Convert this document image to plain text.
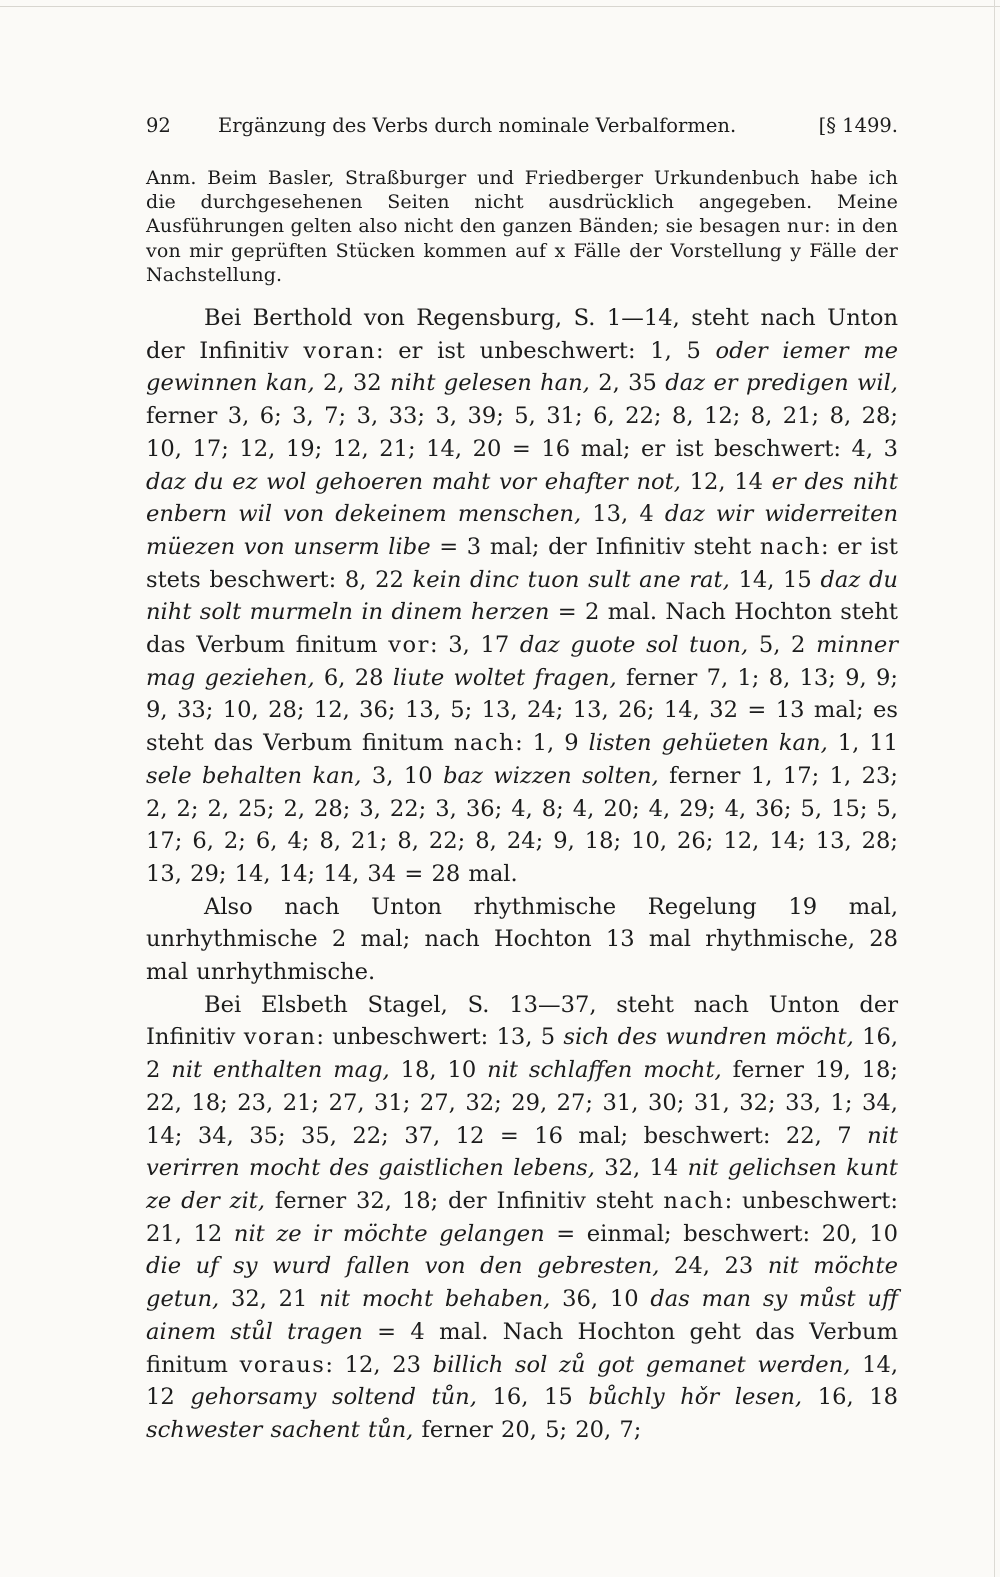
92 Ergänzung des Verbs durch nominale Verbalformen.	[§ 1499.
Anm. Beim Basler, Straßburger und Friedberger Urkundenbuch habe ich die durchgesehenen Seiten nicht ausdrücklich angegeben. Meine Ausführungen gelten also nicht den ganzen Bänden; sie besagen nur: in den von mir geprüften Stücken kommen auf x Fälle der Vorstellung y Fälle der Nachstellung.

Bei Berthold von Regensburg, S. 1—14, steht nach Unton der Infinitiv voran: er ist unbeschwert: 1, 5 oder iemer me gewinnen kan, 2, 32 niht gelesen han, 2, 35 daz er predigen wil, ferner 3, 6; 3, 7; 3, 33; 3, 39; 5, 31; 6, 22; 8, 12; 8, 21; 8, 28; 10, 17; 12, 19; 12, 21; 14, 20 = 16 mal; er ist beschwert: 4, 3 daz du ez wol gehoeren maht vor ehafter not, 12, 14 er des niht enbern wil von dekeinem menschen, 13, 4 daz wir widerreiten müezen von unserm libe = 3 mal; der Infinitiv steht nach: er ist stets beschwert: 8, 22 kein dinc tuon sult ane rat, 14, 15 daz du niht solt murmeln in dinem herzen = 2 mal. Nach Hochton steht das Verbum finitum vor: 3, 17 daz guote sol tuon, 5, 2 minner mag geziehen, 6, 28 liute woltet fragen, ferner 7, 1; 8, 13; 9, 9; 9, 33; 10, 28; 12, 36; 13, 5; 13, 24; 13, 26; 14, 32 = 13 mal; es steht das Verbum finitum nach: 1, 9 listen gehüeten kan, 1, 11 sele behalten kan, 3, 10 baz wizzen solten, ferner 1, 17; 1, 23; 2, 2; 2, 25; 2, 28; 3, 22; 3, 36; 4, 8; 4, 20; 4, 29; 4, 36; 5, 15; 5, 17; 6, 2; 6, 4; 8, 21; 8, 22; 8, 24; 9, 18; 10, 26; 12, 14; 13, 28; 13, 29; 14, 14; 14, 34 = 28 mal.

Also nach Unton rhythmische Regelung 19 mal, unrhythmische 2 mal; nach Hochton 13 mal rhythmische, 28 mal unrhythmische.

Bei Elsbeth Stagel, S. 13—37, steht nach Unton der Infinitiv voran: unbeschwert: 13, 5 sich des wundren möcht, 16, 2 nit enthalten mag, 18, 10 nit schlaffen mocht, ferner 19, 18; 22, 18; 23, 21; 27, 31; 27, 32; 29, 27; 31, 30; 31, 32; 33, 1; 34, 14; 34, 35; 35, 22; 37, 12 = 16 mal; beschwert: 22, 7 nit verirren mocht des gaistlichen lebens, 32, 14 nit gelichsen kunt ze der zit, ferner 32, 18; der Infinitiv steht nach: unbeschwert: 21, 12 nit ze ir möchte gelangen = einmal; beschwert: 20, 10 die uf sy wurd fallen von den gebresten, 24, 23 nit möchte getun, 32, 21 nit mocht behaben, 36, 10 das man sy můst uff ainem stůl tragen = 4 mal. Nach Hochton geht das Verbum finitum voraus: 12, 23 billich sol zů got gemanet werden, 14, 12 gehorsamy soltend tůn, 16, 15 bůchly hǒr lesen, 16, 18 schwester sachent tůn, ferner 20, 5; 20, 7;
